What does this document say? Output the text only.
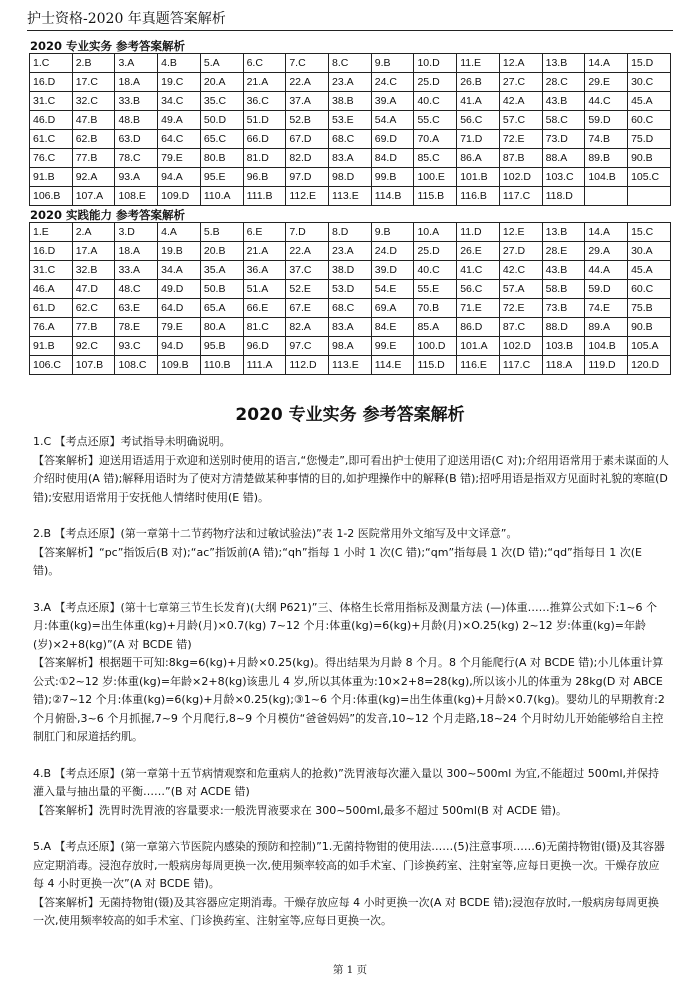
护士资格-2020 年真题答案解析
2020 专业实务 参考答案解析
1.C	2.B	3.A	4.B	5.A	6.C	7.C	8.C	9.B	10.D	11.E	12.A	13.B	14.A	15.D
16.D	17.C	18.A	19.C	20.A	21.A	22.A	23.A	24.C	25.D	26.B	27.C	28.C	29.E	30.C
31.C	32.C	33.B	34.C	35.C	36.C	37.A	38.B	39.A	40.C	41.A	42.A	43.B	44.C	45.A
46.D	47.B	48.B	49.A	50.D	51.D	52.B	53.E	54.A	55.C	56.C	57.C	58.C	59.D	60.C
61.C	62.B	63.D	64.C	65.C	66.D	67.D	68.C	69.D	70.A	71.D	72.E	73.D	74.B	75.D
76.C	77.B	78.C	79.E	80.B	81.D	82.D	83.A	84.D	85.C	86.A	87.B	88.A	89.B	90.B
91.B	92.A	93.A	94.A	95.E	96.B	97.D	98.D	99.B	100.E	101.B	102.D	103.C	104.B	105.C
106.B	107.A	108.E	109.D	110.A	111.B	112.E	113.E	114.B	115.B	116.B	117.C	118.D		
2020 实践能力 参考答案解析
1.E	2.A	3.D	4.A	5.B	6.E	7.D	8.D	9.B	10.A	11.D	12.E	13.B	14.A	15.C
16.D	17.A	18.A	19.B	20.B	21.A	22.A	23.A	24.D	25.D	26.E	27.D	28.E	29.A	30.A
31.C	32.B	33.A	34.A	35.A	36.A	37.C	38.D	39.D	40.C	41.C	42.C	43.B	44.A	45.A
46.A	47.D	48.C	49.D	50.B	51.A	52.E	53.D	54.E	55.E	56.C	57.A	58.B	59.D	60.C
61.D	62.C	63.E	64.D	65.A	66.E	67.E	68.C	69.A	70.B	71.E	72.E	73.B	74.E	75.B
76.A	77.B	78.E	79.E	80.A	81.C	82.A	83.A	84.E	85.A	86.D	87.C	88.D	89.A	90.B
91.B	92.C	93.C	94.D	95.B	96.D	97.C	98.A	99.E	100.D	101.A	102.D	103.B	104.B	105.A
106.C	107.B	108.C	109.B	110.B	111.A	112.D	113.E	114.E	115.D	116.E	117.C	118.A	119.D	120.D
2020 专业实务 参考答案解析

1.C 【考点还原】考试指导未明确说明。

【答案解析】迎送用语适用于欢迎和送别时使用的语言,“您慢走”,即可看出护士使用了迎送用语(C 对);介绍用语常用于素未谋面的人介绍时使用(A 错);解释用语时为了使对方清楚做某种事情的目的,如护理操作中的解释(B 错);招呼用语是指双方见面时礼貌的寒暄(D 错);安慰用语常用于安抚他人情绪时使用(E 错)。

2.B 【考点还原】(第一章第十二节药物疗法和过敏试验法)”表 1-2 医院常用外文缩写及中文译意”。

【答案解析】“pc”指饭后(B 对);“ac”指饭前(A 错);“qh”指每 1 小时 1 次(C 错);“qm”指每晨 1 次(D 错);“qd”指每日 1 次(E 错)。

3.A 【考点还原】(第十七章第三节生长发育)(大纲 P621)”三、体格生长常用指标及测量方法 (—)体重……推算公式如下:1~6 个月:体重(kg)=出生体重(kg)+月龄(月)×0.7(kg) 7~12 个月:体重(kg)=6(kg)+月龄(月)×O.25(kg) 2~12 岁:体重(kg)=年龄(岁)×2+8(kg)”(A 对 BCDE 错)

【答案解析】根据题干可知:8kg=6(kg)+月龄×0.25(kg)。得出结果为月龄 8 个月。8 个月能爬行(A 对 BCDE 错);小儿体重计算公式:①2~12 岁:体重(kg)=年龄×2+8(kg)该患儿 4 岁,所以其体重为:10×2+8=28(kg),所以该小儿的体重为 28kg(D 对 ABCE 错);②7~12 个月:体重(kg)=6(kg)+月龄×0.25(kg);③1~6 个月:体重(kg)=出生体重(kg)+月龄×0.7(kg)。婴幼儿的早期教育:2 个月俯卧,3~6 个月抓握,7~9 个月爬行,8~9 个月模仿“爸爸妈妈”的发音,10~12 个月走路,18~24 个月时幼儿开始能够给自主控制肛门和尿道括约肌。

4.B 【考点还原】(第一章第十五节病情观察和危重病人的抢救)”洗胃液每次灌入量以 300~500ml 为宜,不能超过 500ml,并保持灌入量与抽出量的平衡……”(B 对 ACDE 错)

【答案解析】洗胃时洗胃液的容量要求:一般洗胃液要求在 300~500ml,最多不超过 500ml(B 对 ACDE 错)。

5.A 【考点还原】(第一章第六节医院内感染的预防和控制)”1.无菌持物钳的使用法……(5)注意事项……6)无菌持物钳(镊)及其容器应定期消毒。浸泡存放时,一般病房每周更换一次,使用频率较高的如手术室、门诊换药室、注射室等,应每日更换一次。干燥存放应每 4 小时更换一次”(A 对 BCDE 错)。

【答案解析】无菌持物钳(镊)及其容器应定期消毒。干燥存放应每 4 小时更换一次(A 对 BCDE 错);浸泡存放时,一般病房每周更换一次,使用频率较高的如手术室、门诊换药室、注射室等,应每日更换一次。

第 1 页
